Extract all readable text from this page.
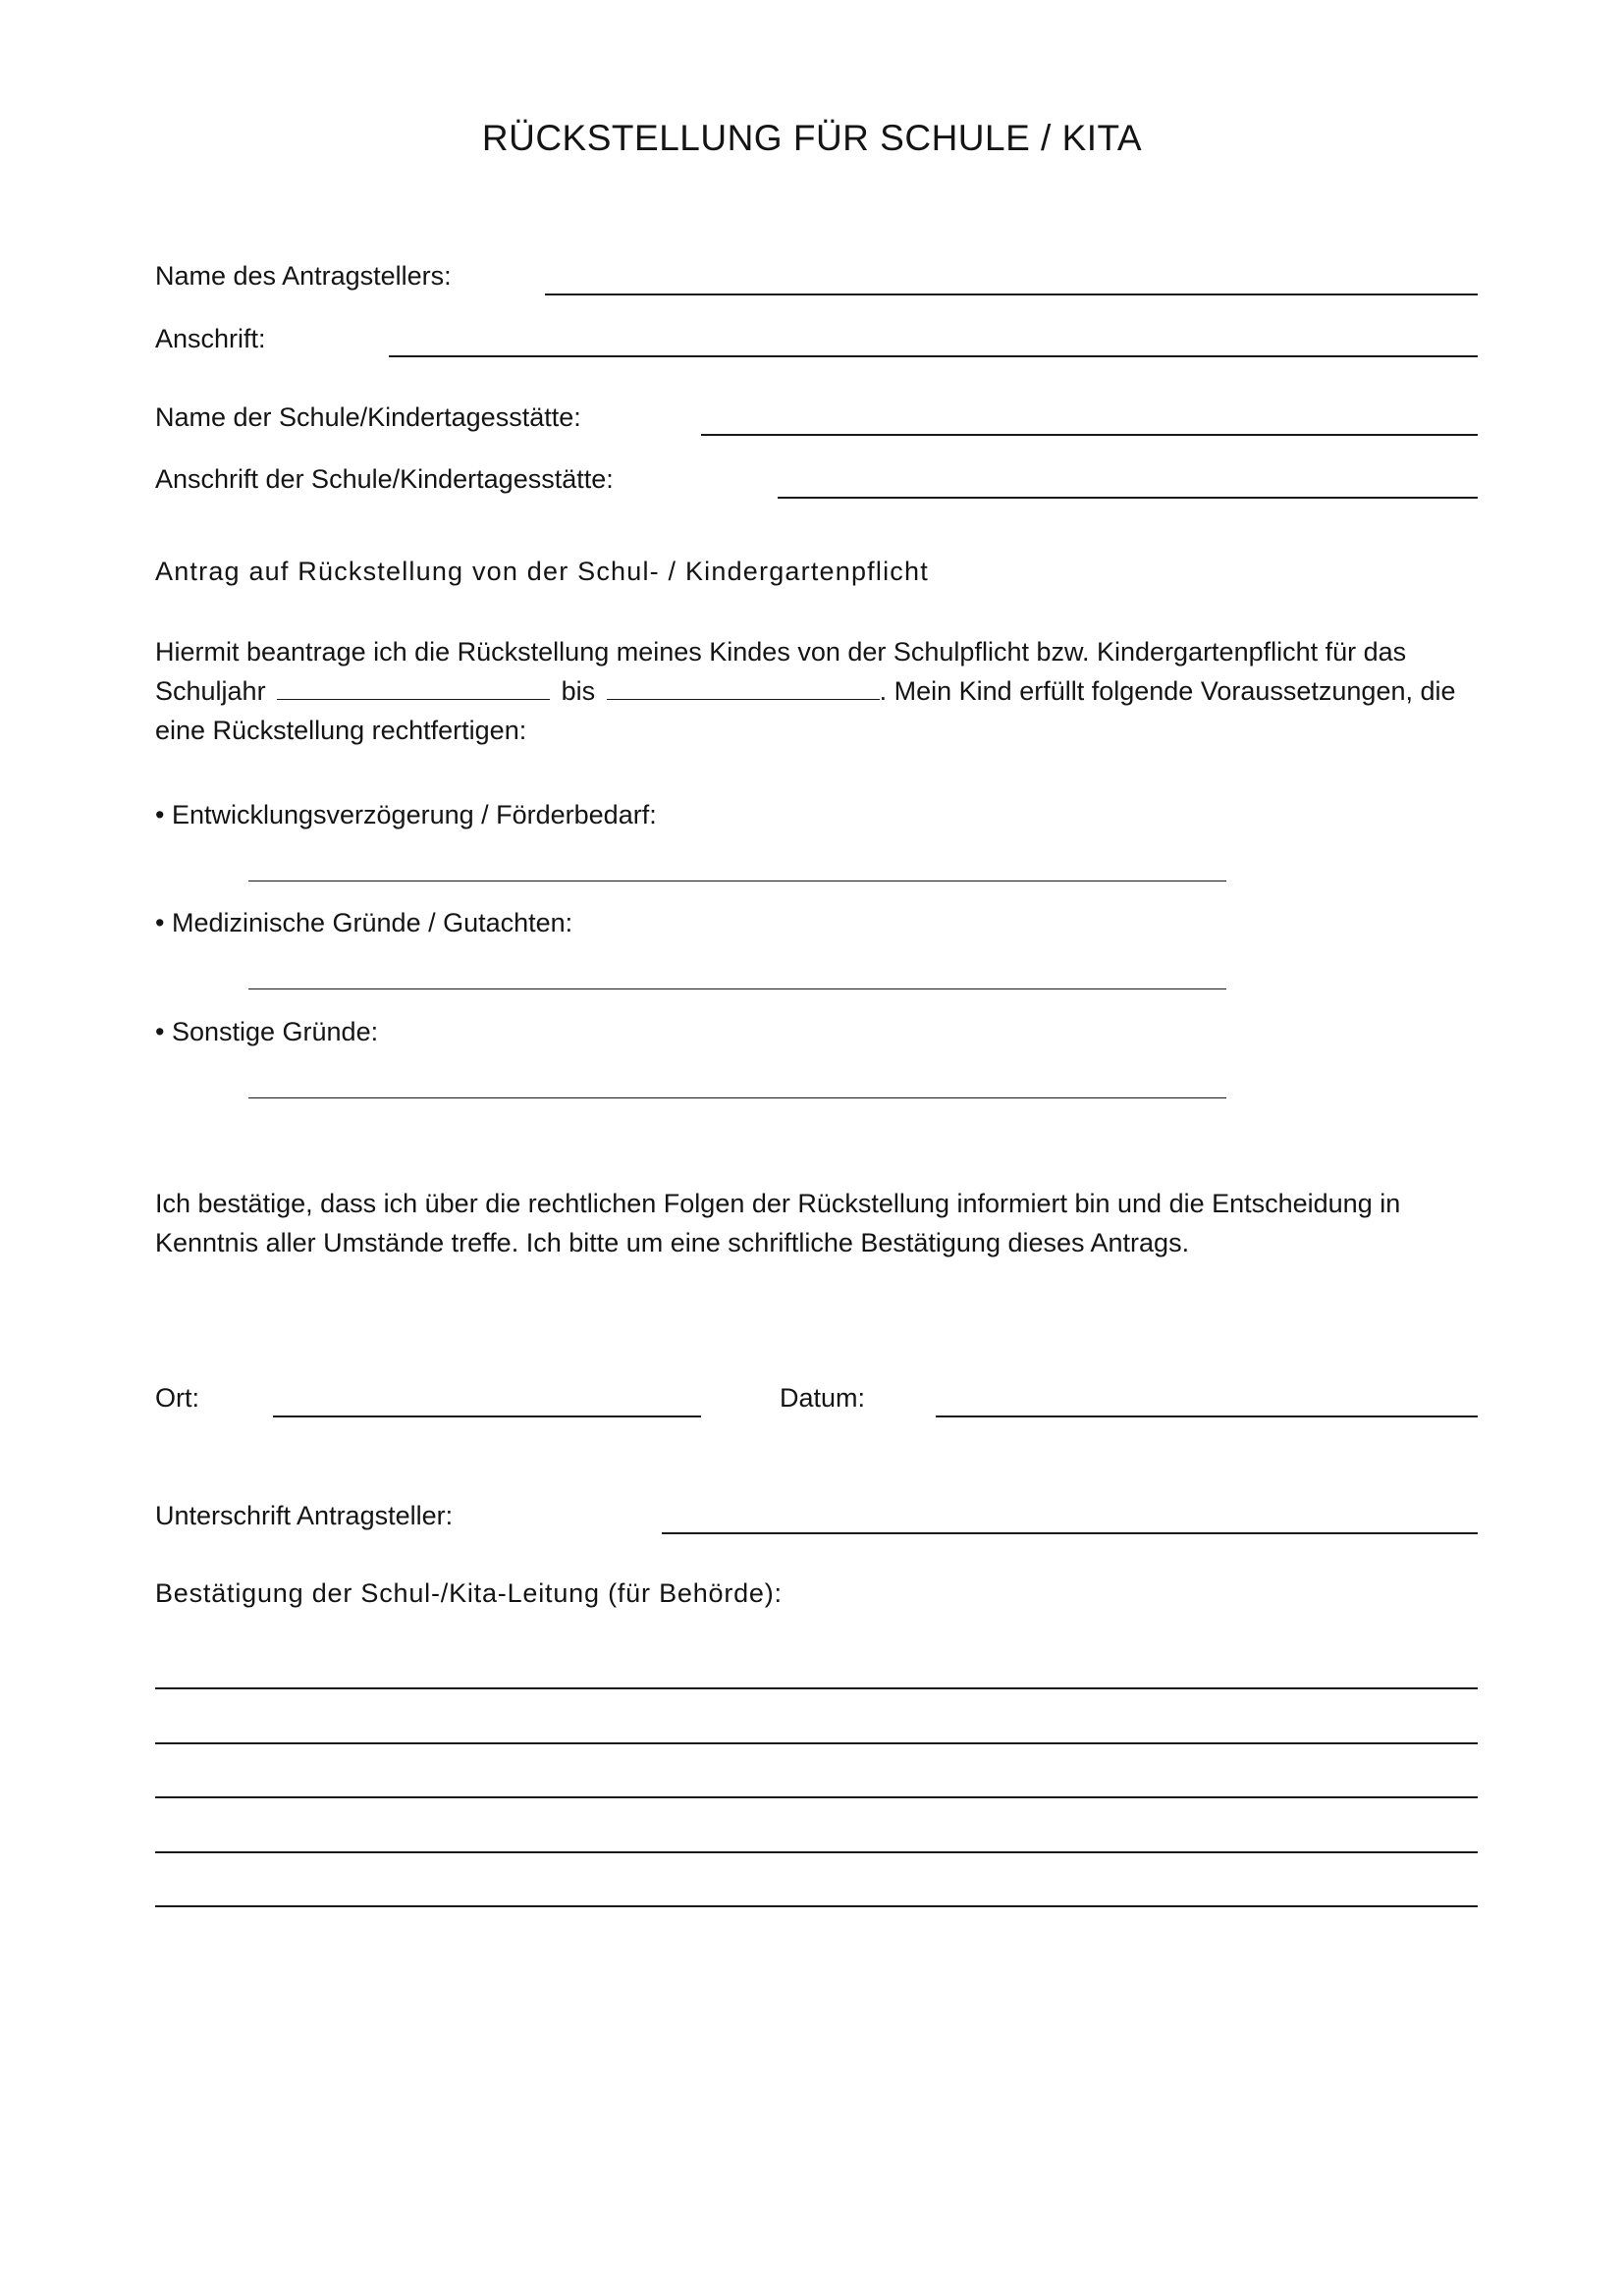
RÜCKSTELLUNG FÜR SCHULE / KITA
Name des Antragstellers:
Anschrift:
Name der Schule/Kindertagesstätte:
Anschrift der Schule/Kindertagesstätte:
Antrag auf Rückstellung von der Schul- / Kindergartenpflicht
Hiermit beantrage ich die Rückstellung meines Kindes von der Schulpflicht bzw. Kindergartenpflicht für das Schuljahr	bis	. Mein Kind erfüllt folgende Voraussetzungen, die eine Rückstellung rechtfertigen:
• Entwicklungsverzögerung / Förderbedarf:
• Medizinische Gründe / Gutachten:
• Sonstige Gründe:
Ich bestätige, dass ich über die rechtlichen Folgen der Rückstellung informiert bin und die Entscheidung in Kenntnis aller Umstände treffe. Ich bitte um eine schriftliche Bestätigung dieses Antrags.
Ort:	Datum:
Unterschrift Antragsteller:
Bestätigung der Schul-/Kita-Leitung (für Behörde):
